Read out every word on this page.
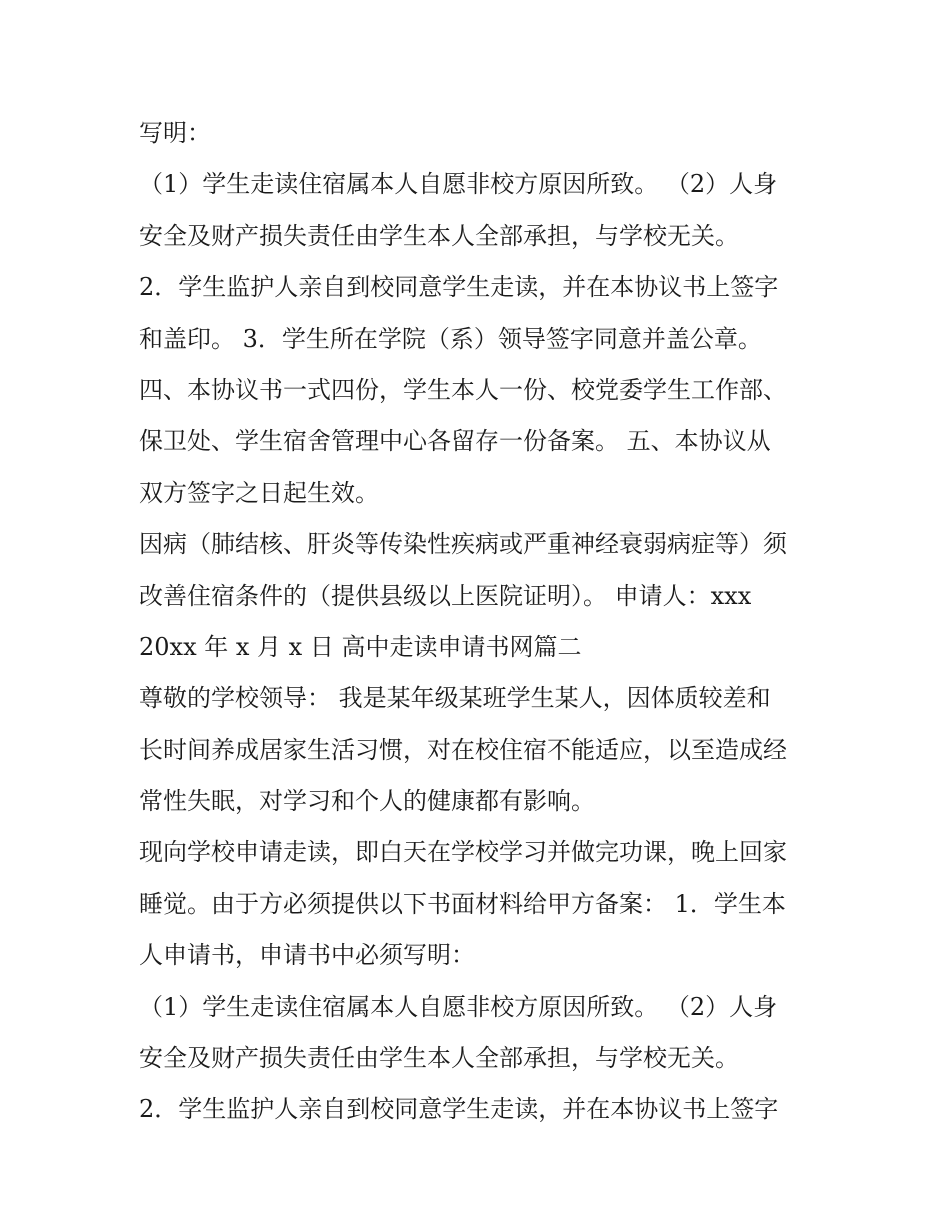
写明：
（1）学生走读住宿属本人自愿非校方原因所致。 （2）人身
安全及财产损失责任由学生本人全部承担，与学校无关。
2．学生监护人亲自到校同意学生走读，并在本协议书上签字
和盖印。 3．学生所在学院（系）领导签字同意并盖公章。
四、本协议书一式四份，学生本人一份、校党委学生工作部、
保卫处、学生宿舍管理中心各留存一份备案。 五、本协议从
双方签字之日起生效。
因病（肺结核、肝炎等传染性疾病或严重神经衰弱病症等）须
改善住宿条件的（提供县级以上医院证明）。 申请人：xxx
20xx 年 x 月 x 日 高中走读申请书网篇二
尊敬的学校领导： 我是某年级某班学生某人，因体质较差和
长时间养成居家生活习惯，对在校住宿不能适应，以至造成经
常性失眠，对学习和个人的健康都有影响。
现向学校申请走读，即白天在学校学习并做完功课，晚上回家
睡觉。由于方必须提供以下书面材料给甲方备案： 1．学生本
人申请书，申请书中必须写明：
（1）学生走读住宿属本人自愿非校方原因所致。 （2）人身
安全及财产损失责任由学生本人全部承担，与学校无关。
2．学生监护人亲自到校同意学生走读，并在本协议书上签字
